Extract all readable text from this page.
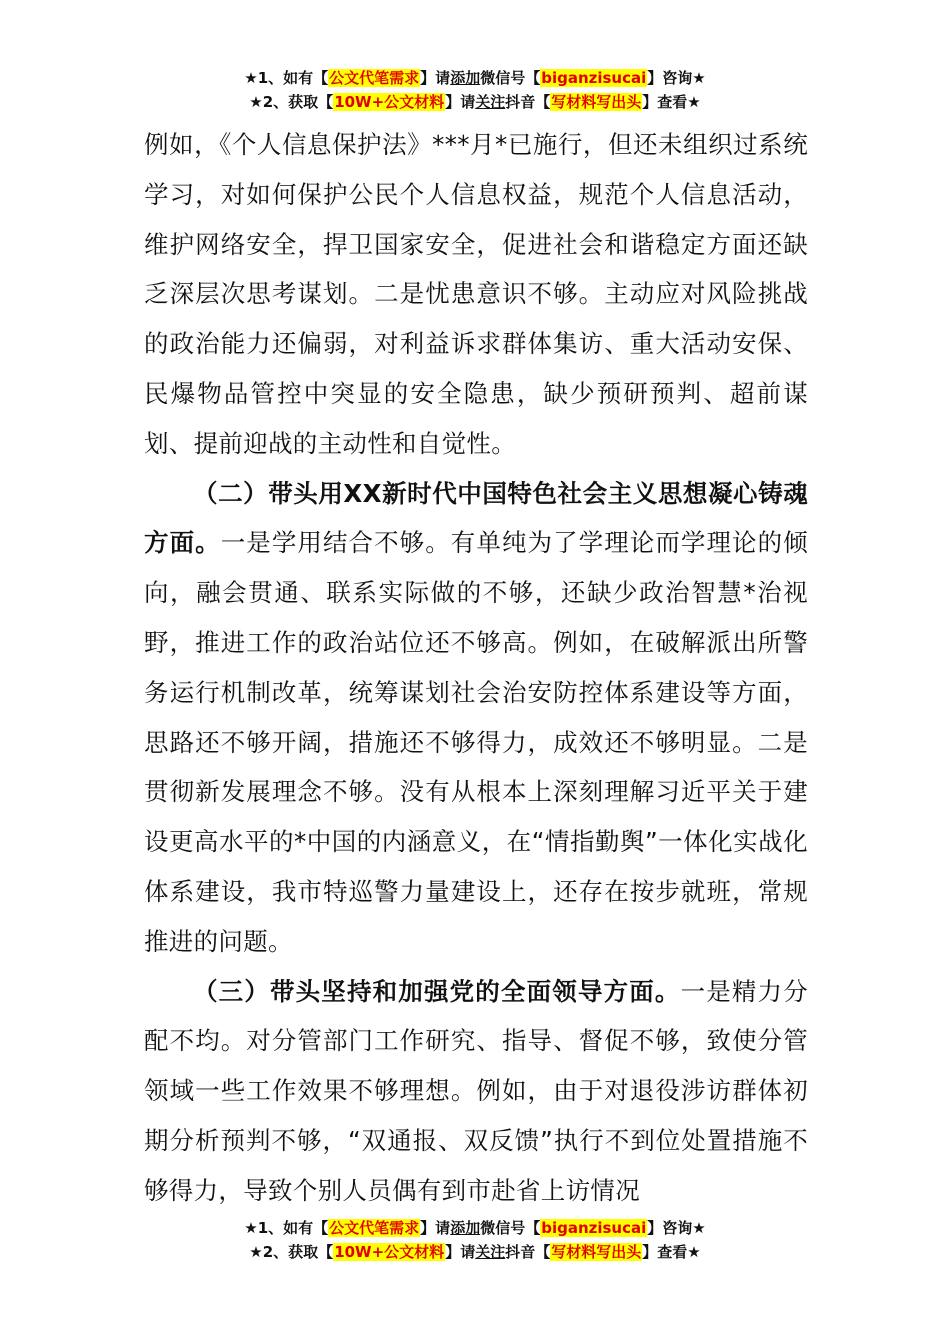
★1、如有【公文代笔需求】请添加微信号【biganzisucai】咨询★
★2、获取【10W+公文材料】请关注抖音【写材料写出头】查看★

例如，《个人信息保护法》***月*已施行，但还未组织过系统学习，对如何保护公民个人信息权益，规范个人信息活动，维护网络安全，捍卫国家安全，促进社会和谐稳定方面还缺乏深层次思考谋划。二是忧患意识不够。主动应对风险挑战的政治能力还偏弱，对利益诉求群体集访、重大活动安保、民爆物品管控中突显的安全隐患，缺少预研预判、超前谋划、提前迎战的主动性和自觉性。

（二）带头用XX新时代中国特色社会主义思想凝心铸魂方面。一是学用结合不够。有单纯为了学理论而学理论的倾向，融会贯通、联系实际做的不够，还缺少政治智慧*治视野，推进工作的政治站位还不够高。例如，在破解派出所警务运行机制改革，统筹谋划社会治安防控体系建设等方面，思路还不够开阔，措施还不够得力，成效还不够明显。二是贯彻新发展理念不够。没有从根本上深刻理解习近平关于建设更高水平的*中国的内涵意义，在“情指勤舆”一体化实战化体系建设，我市特巡警力量建设上，还存在按步就班，常规推进的问题。

（三）带头坚持和加强党的全面领导方面。一是精力分配不均。对分管部门工作研究、指导、督促不够，致使分管领域一些工作效果不够理想。例如，由于对退役涉访群体初期分析预判不够，“双通报、双反馈”执行不到位处置措施不够得力，导致个别人员偶有到市赴省上访情况

★1、如有【公文代笔需求】请添加微信号【biganzisucai】咨询★
★2、获取【10W+公文材料】请关注抖音【写材料写出头】查看★
